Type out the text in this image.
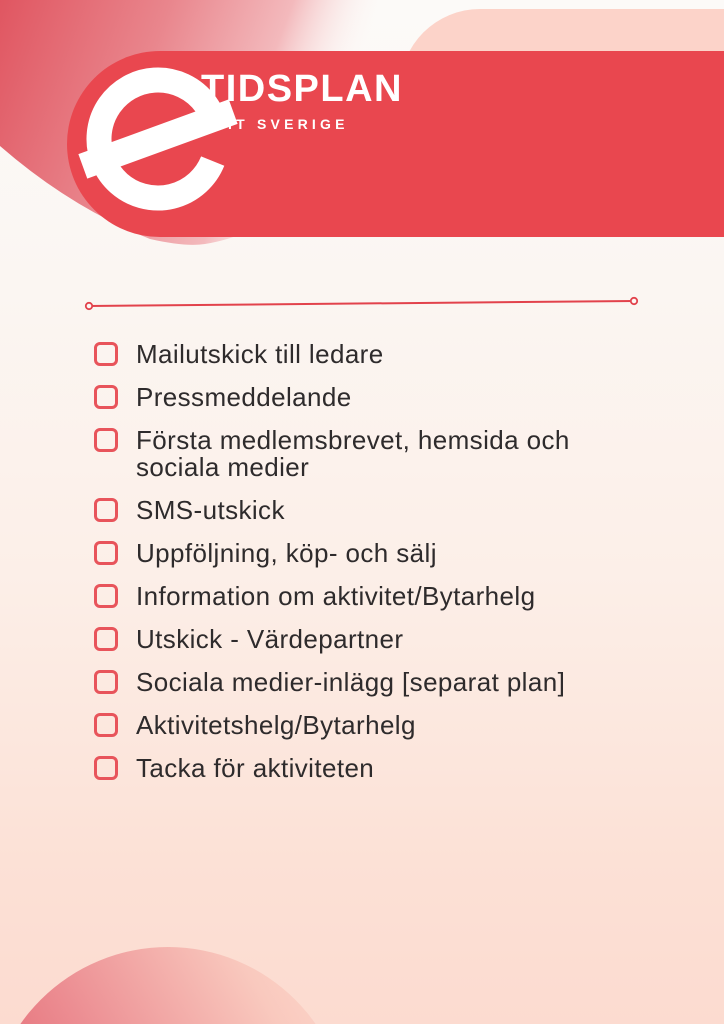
TIDSPLAN
UZIT SVERIGE
Mailutskick till ledare
Pressmeddelande
Första medlemsbrevet, hemsida och sociala medier
SMS-utskick
Uppföljning, köp- och sälj
Information om aktivitet/Bytarhelg
Utskick - Värdepartner
Sociala medier-inlägg [separat plan]
Aktivitetshelg/Bytarhelg
Tacka för aktiviteten
